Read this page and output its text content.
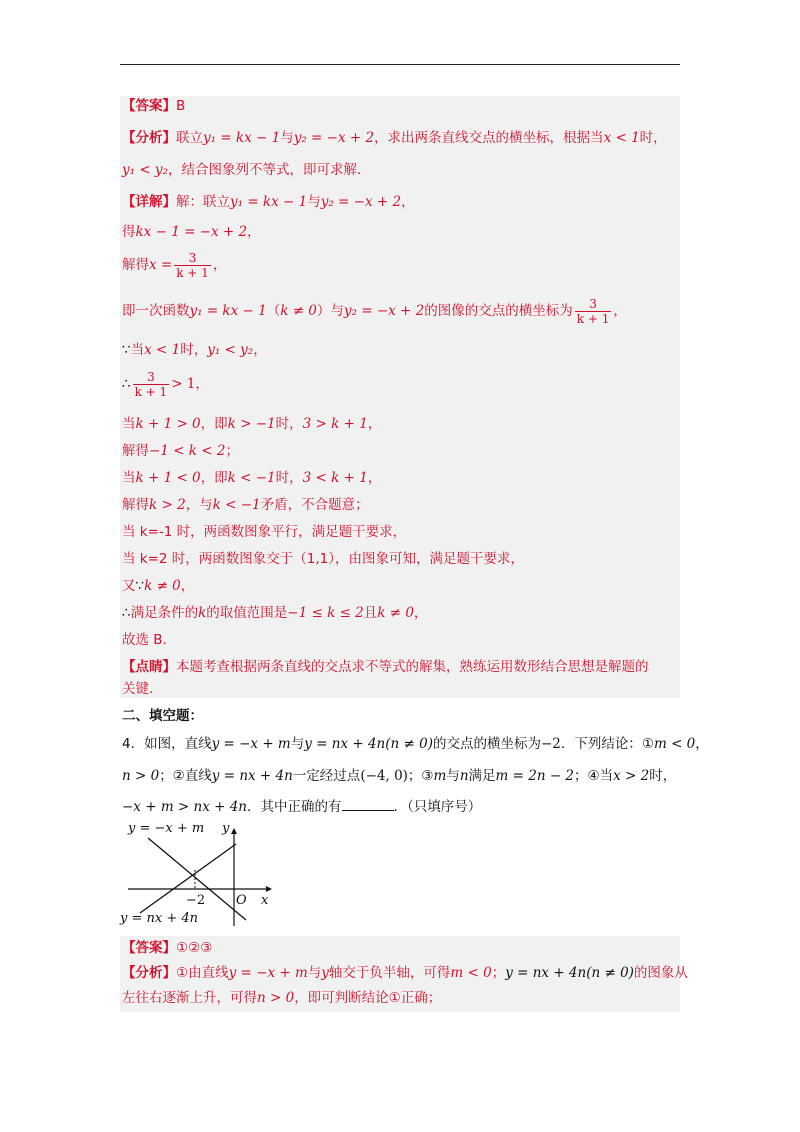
【答案】B
【分析】联立y₁ = kx − 1与y₂ = −x + 2，求出两条直线交点的横坐标，根据当x < 1时，
y₁ < y₂，结合图象列不等式，即可求解．
【详解】解：联立y₁ = kx − 1与y₂ = −x + 2，
得kx − 1 = −x + 2，
解得$x = \frac{3}{k + 1}$ ，
即一次函数y₁ = kx − 1（k ≠ 0）与y₂ = −x + 2的图像的交点的横坐标为 $\frac{3}{k + 1}$ ，
∵当x < 1时，y₁ < y₂，
∴ $\frac{3}{k + 1} > 1$，
当k + 1 > 0，即k > −1时，3 > k + 1，
解得−1 < k < 2；
当k + 1 < 0，即k < −1时，3 < k + 1，
解得k > 2，与k < −1矛盾，不合题意；
当 k=-1 时，两函数图象平行，满足题干要求，
当 k=2 时，两函数图象交于（1,1），由图象可知，满足题干要求，
又∵k ≠ 0，
∴满足条件的k的取值范围是−1 ≤ k ≤ 2且k ≠ 0，
故选 B.
【点睛】本题考查根据两条直线的交点求不等式的解集，熟练运用数形结合思想是解题的
关键.
二、填空题：
4．如图，直线y = −x + m与y = nx + 4n(n ≠ 0)的交点的横坐标为−2．下列结论：①m < 0，
n > 0；②直线y = nx + 4n一定经过点(−4, 0)；③m与n满足m = 2n − 2；④当x > 2时，
−x + m > nx + 4n．其中正确的有	．（只填序号）
y = −x + m
y = nx + 4n
y
x
O
−2
【答案】①②③
【分析】①由直线y = −x + m与y轴交于负半轴，可得m < 0；y = nx + 4n(n ≠ 0)的图象从
左往右逐渐上升，可得n > 0，即可判断结论①正确；
